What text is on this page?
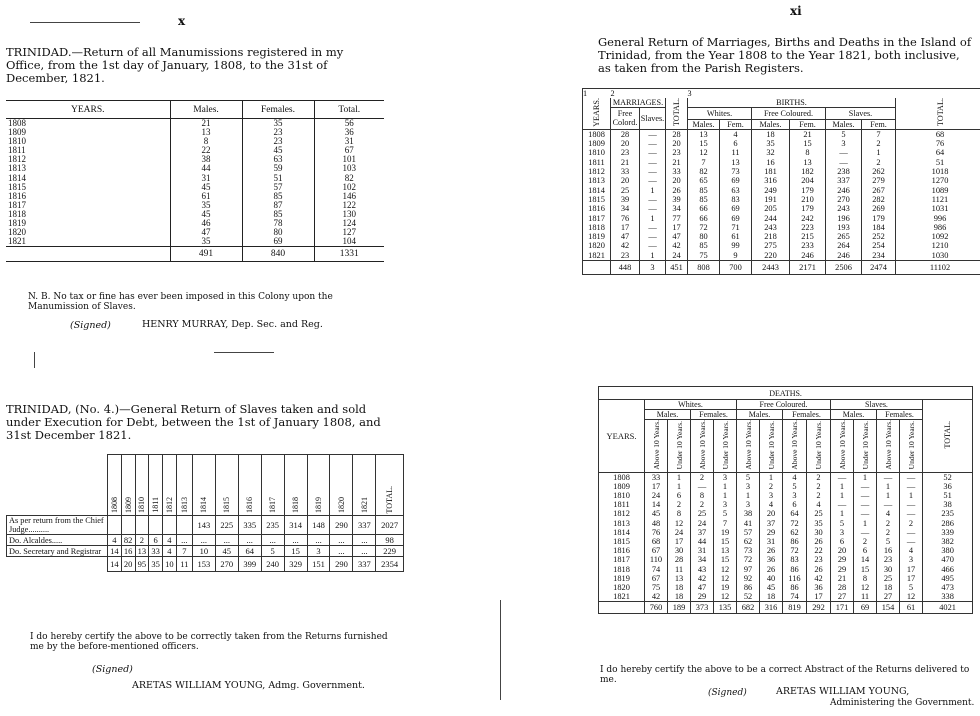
x

TRINIDAD.—Return of all Manumissions registered in my Office, from the 1st day of January, 1808, to the 31st of December, 1821.

YEARS.	Males.	Females.	Total.
1808	21	35	56
1809	13	23	36
1810	8	23	31
1811	22	45	67
1812	38	63	101
1813	44	59	103
1814	31	51	82
1815	45	57	102
1816	61	85	146
1817	35	87	122
1818	45	85	130
1819	46	78	124
1820	47	80	127
1821	35	69	104
	491	840	1331
N. B. No tax or fine has ever been imposed in this Colony upon the Manumission of Slaves.
(Signed)	HENRY MURRAY, Dep. Sec. and Reg.

TRINIDAD, (No. 4.)—General Return of Slaves taken and sold under Execution for Debt, between the 1st of January 1808, and 31st December 1821.

	1808	1809	1810	1811	1812	1813	1814	1815	1816	1817	1818	1819	1820	1821	TOTAL.
As per return from the Chief Judge..........							143	225	335	235	314	148	290	337	2027
Do. Alcaldes.....	4	82	2	6	4	...	...	...	...	...	...	...	...	...	98
Do. Secretary and Registrar	14	16	13	33	4	7	10	45	64	5	15	3	...	...	229
	14	20	95	35	10	11	153	270	399	240	329	151	290	337	2354
I do hereby certify the above to be correctly taken from the Returns furnished me by the before-mentioned officers.
(Signed)
ARETAS WILLIAM YOUNG, Admg. Government.
xi

General Return of Marriages, Births and Deaths in the Island of Trinidad, from the Year 1808 to the Year 1821, both inclusive, as taken from the Parish Registers.

1	2			3						
YEARS.	MARRIAGES.		TOTAL.	BIRTHS.						TOTAL.
	Free Colord.	Slaves.		Whites.		Free Coloured.		Slaves.		
				Males.	Fem.	Males.	Fem.	Males.	Fem.	
1808	28	—	28	13	4	18	21	5	7	68
1809	20	—	20	15	6	35	15	3	2	76
1810	23	—	23	12	11	32	8	—	1	64
1811	21	—	21	7	13	16	13	—	2	51
1812	33	—	33	82	73	181	182	238	262	1018
1813	20	—	20	65	69	316	204	337	279	1270
1814	25	1	26	85	63	249	179	246	267	1089
1815	39	—	39	85	83	191	210	270	282	1121
1816	34	—	34	66	69	205	179	243	269	1031
1817	76	1	77	66	69	244	242	196	179	996
1818	17	—	17	72	71	243	223	193	184	986
1819	47	—	47	80	61	218	215	265	252	1092
1820	42	—	42	85	99	275	233	264	254	1210
1821	23	1	24	75	9	220	246	246	234	1030
	448	3	451	808	700	2443	2171	2506	2474	11102
DEATHS.													
YEARS.	Whites.				Free Coloured.				Slaves.				TOTAL.
	Males.		Females.		Males.		Females.		Males.		Females.		
	Above 10 Years.	Under 10 Years.	Above 10 Years.	Under 10 Years.	Above 10 Years.	Under 10 Years.	Above 10 Years.	Under 10 Years.	Above 10 Years.	Under 10 Years.	Above 10 Years.	Under 10 Years.	
1808	33	1	2	3	5	1	4	2	—	1	—	—	52
1809	17	1	—	1	3	2	5	2	1	—	1	—	36
1810	24	6	8	1	1	3	3	2	1	—	1	1	51
1811	14	2	2	3	3	4	6	4	—	—	—	—	38
1812	45	8	25	5	38	20	64	25	1	—	4	—	235
1813	48	12	24	7	41	37	72	35	5	1	2	2	286
1814	76	24	37	19	57	29	62	30	3	—	2	—	339
1815	68	17	44	15	62	31	86	26	6	2	5	—	382
1816	67	30	31	13	73	26	72	22	20	6	16	4	380
1817	110	28	34	15	72	36	83	23	29	14	23	3	470
1818	74	11	43	12	97	26	86	26	29	15	30	17	466
1819	67	13	42	12	92	40	116	42	21	8	25	17	495
1820	75	18	47	19	86	45	86	36	28	12	18	5	473
1821	42	18	29	12	52	18	74	17	27	11	27	12	338
	760	189	373	135	682	316	819	292	171	69	154	61	4021
I do hereby certify the above to be a correct Abstract of the Returns delivered to me.
(Signed)	ARETAS WILLIAM YOUNG,
Administering the Government.
